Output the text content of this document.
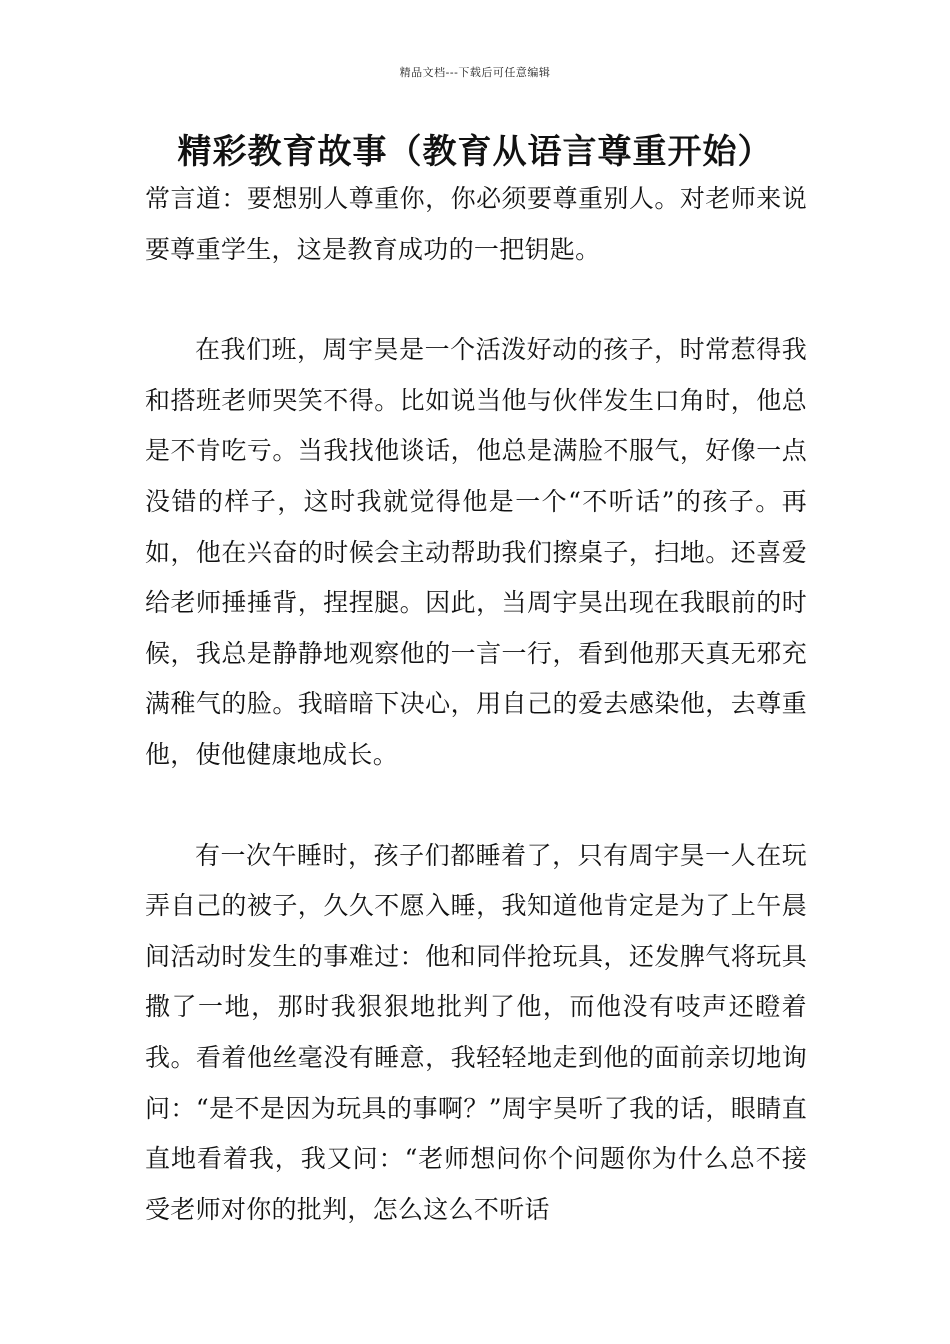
精品文档---下载后可任意编辑
精彩教育故事（教育从语言尊重开始）

常言道：要想别人尊重你，你必须要尊重别人。对老师来说要尊重学生，这是教育成功的一把钥匙。

在我们班，周宇昊是一个活泼好动的孩子，时常惹得我和搭班老师哭笑不得。比如说当他与伙伴发生口角时，他总是不肯吃亏。当我找他谈话，他总是满脸不服气，好像一点没错的样子，这时我就觉得他是一个“不听话”的孩子。再如，他在兴奋的时候会主动帮助我们擦桌子，扫地。还喜爱给老师捶捶背，捏捏腿。因此，当周宇昊出现在我眼前的时候，我总是静静地观察他的一言一行，看到他那天真无邪充满稚气的脸。我暗暗下决心，用自己的爱去感染他，去尊重他，使他健康地成长。

有一次午睡时，孩子们都睡着了，只有周宇昊一人在玩弄自己的被子，久久不愿入睡，我知道他肯定是为了上午晨间活动时发生的事难过：他和同伴抢玩具，还发脾气将玩具撒了一地，那时我狠狠地批判了他，而他没有吱声还瞪着我。看着他丝毫没有睡意，我轻轻地走到他的面前亲切地询问：“是不是因为玩具的事啊？”周宇昊听了我的话，眼睛直直地看着我，我又问：“老师想问你个问题你为什么总不接受老师对你的批判，怎么这么不听话
